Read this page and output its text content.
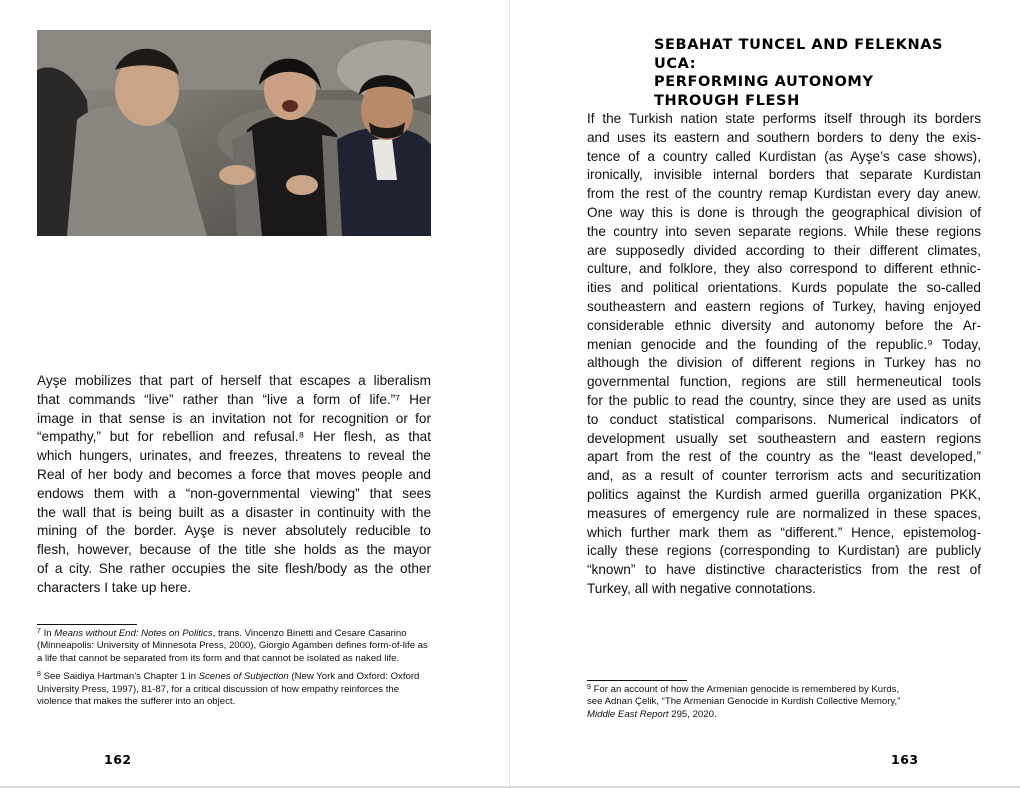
Ayşe mobilizes that part of herself that escapes a liberalism
that commands “live” rather than “live a form of life.”⁷ Her
image in that sense is an invitation not for recognition or for
“empathy,” but for rebellion and refusal.⁸ Her flesh, as that
which hungers, urinates, and freezes, threatens to reveal the
Real of her body and becomes a force that moves people and
endows them with a “non-governmental viewing” that sees
the wall that is being built as a disaster in continuity with the
mining of the border. Ayşe is never absolutely reducible to
flesh, however, because of the title she holds as the mayor
of a city. She rather occupies the site flesh/body as the other
characters I take up here.

$^7$ In Means without End: Notes on Politics, trans. Vincenzo Binetti and Cesare Casarino (Minneapolis: University of Minnesota Press, 2000), Giorgio Agamben defines form-of-life as a life that cannot be separated from its form and that cannot be isolated as naked life.

$^8$ See Saidiya Hartman’s Chapter 1 in Scenes of Subjection (New York and Oxford: Oxford University Press, 1997), 81-87, for a critical discussion of how empathy reinforces the violence that makes the sufferer into an object.

162
SEBAHAT TUNCEL AND FELEKNAS UCA:
PERFORMING AUTONOMY
THROUGH FLESH
If the Turkish nation state performs itself through its borders
and uses its eastern and southern borders to deny the exis-
tence of a country called Kurdistan (as Ayşe’s case shows),
ironically, invisible internal borders that separate Kurdistan
from the rest of the country remap Kurdistan every day anew.
One way this is done is through the geographical division of
the country into seven separate regions. While these regions
are supposedly divided according to their different climates,
culture, and folklore, they also correspond to different ethnic-
ities and political orientations. Kurds populate the so-called
southeastern and eastern regions of Turkey, having enjoyed
considerable ethnic diversity and autonomy before the Ar-
menian genocide and the founding of the republic.⁹ Today,
although the division of different regions in Turkey has no
governmental function, regions are still hermeneutical tools
for the public to read the country, since they are used as units
to conduct statistical comparisons. Numerical indicators of
development usually set southeastern and eastern regions
apart from the rest of the country as the “least developed,”
and, as a result of counter terrorism acts and securitization
politics against the Kurdish armed guerilla organization PKK,
measures of emergency rule are normalized in these spaces,
which further mark them as “different.” Hence, epistemolog-
ically these regions (corresponding to Kurdistan) are publicly
“known” to have distinctive characteristics from the rest of
Turkey, all with negative connotations.

$^9$ For an account of how the Armenian genocide is remembered by Kurds,
see Adnan Çelik, “The Armenian Genocide in Kurdish Collective Memory,”
Middle East Report 295, 2020.

163
